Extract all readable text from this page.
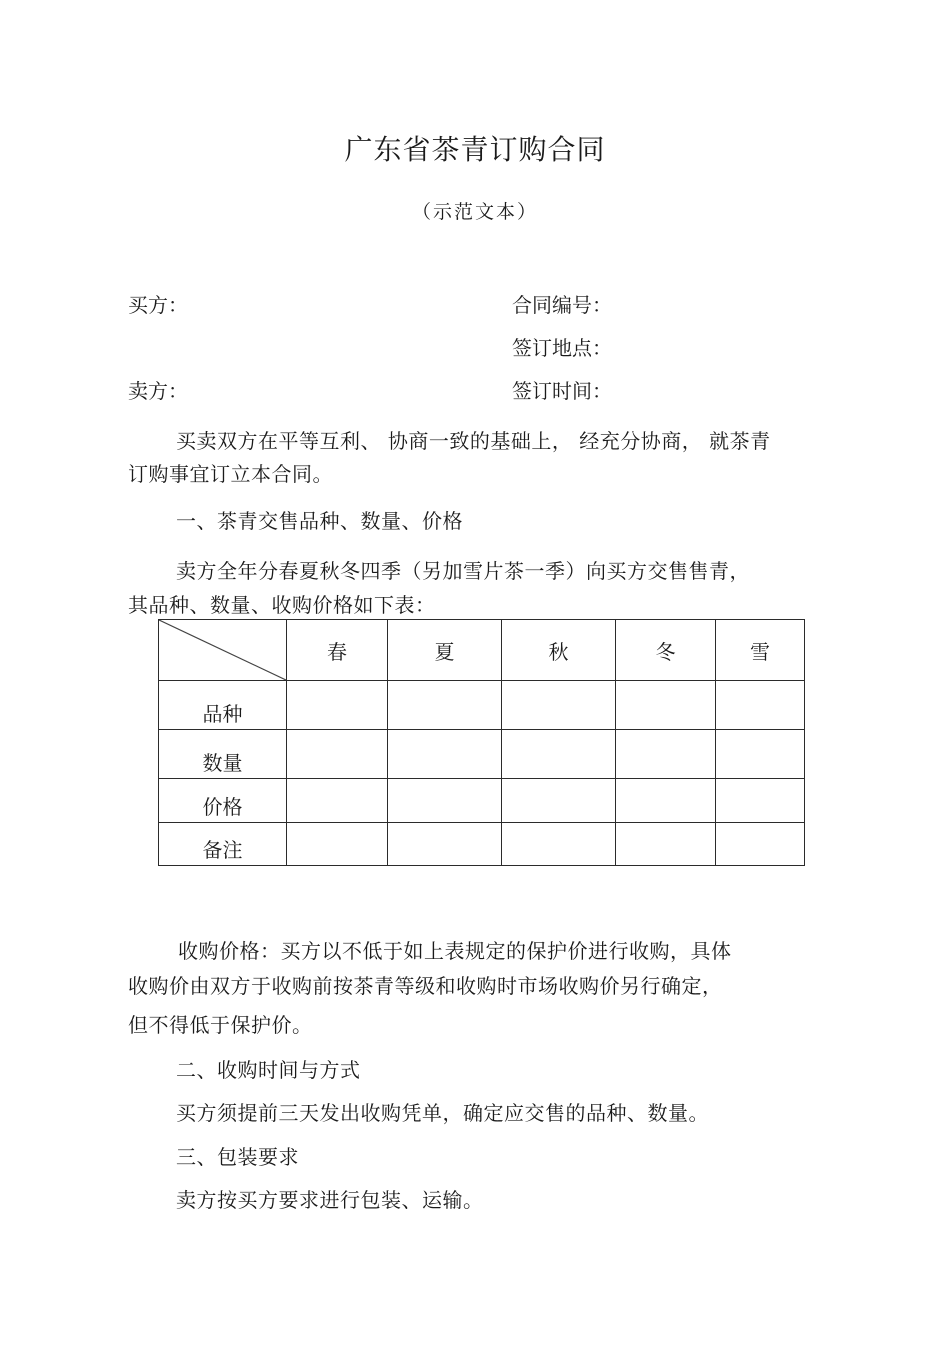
广东省茶青订购合同
（示范文本）
买方：	合同编号：
签订地点：
卖方：	签订时间：
买卖双方在平等互利、 协商一致的基础上， 经充分协商， 就茶青
订购事宜订立本合同。
一、茶青交售品种、数量、价格
卖方全年分春夏秋冬四季（另加雪片茶一季）向买方交售售青，
其品种、数量、收购价格如下表：
	春	夏	秋	冬	雪
品种					
数量					
价格					
备注					
收购价格：买方以不低于如上表规定的保护价进行收购，具体
收购价由双方于收购前按茶青等级和收购时市场收购价另行确定，
但不得低于保护价。
二、收购时间与方式
买方须提前三天发出收购凭单，确定应交售的品种、数量。
三、包装要求
卖方按买方要求进行包装、运输。
